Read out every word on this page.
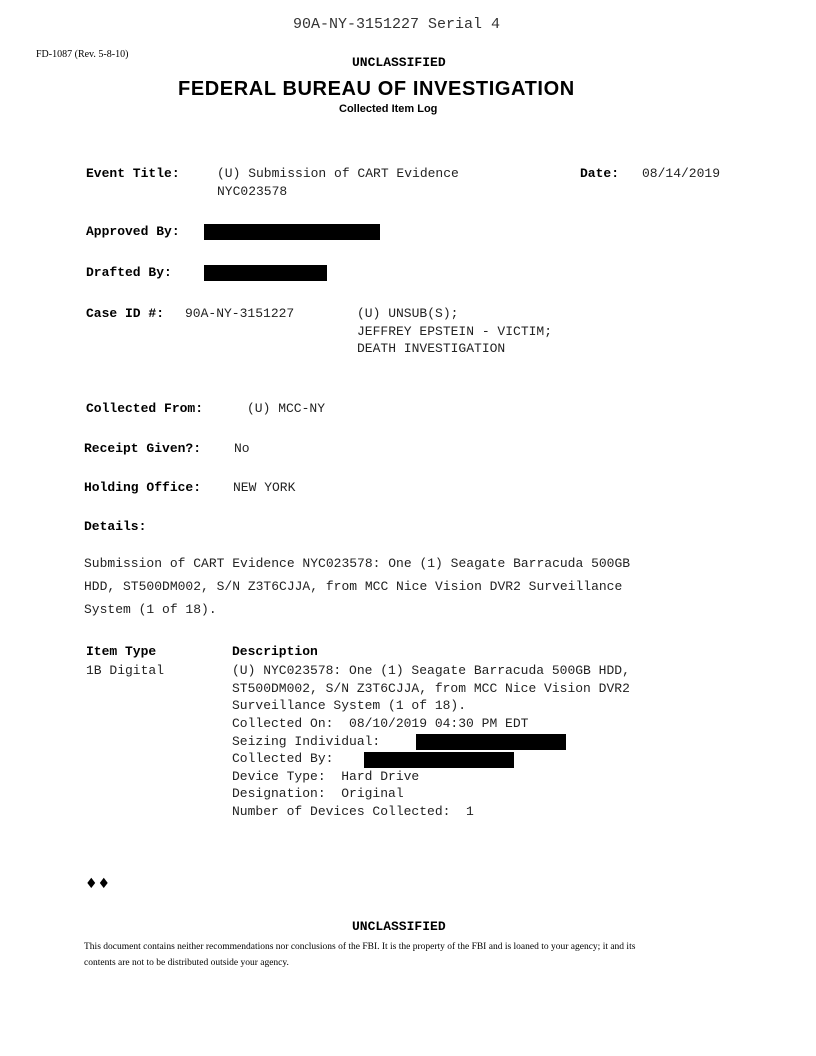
90A-NY-3151227 Serial 4
FD-1087 (Rev. 5-8-10)
UNCLASSIFIED
FEDERAL BUREAU OF INVESTIGATION
Collected Item Log
Event Title:	(U) Submission of CART Evidence
NYC023578
Date: 08/14/2019
Approved By:
Drafted By:
Case ID #: 90A-NY-3151227	(U) UNSUB(S);
JEFFREY EPSTEIN - VICTIM;
DEATH INVESTIGATION
Collected From:	(U) MCC-NY
Receipt Given?:	No
Holding Office: NEW YORK
Details:
Submission of CART Evidence NYC023578: One (1) Seagate Barracuda 500GB
HDD, ST500DM002, S/N Z3T6CJJA, from MCC Nice Vision DVR2 Surveillance
System (1 of 18).
Item Type	Description
1B Digital	(U) NYC023578: One (1) Seagate Barracuda 500GB HDD,
ST500DM002, S/N Z3T6CJJA, from MCC Nice Vision DVR2
Surveillance System (1 of 18).
Collected On:  08/10/2019 04:30 PM EDT
Seizing Individual:
Collected By:
Device Type:  Hard Drive
Designation:  Original
Number of Devices Collected:  1
♦♦
UNCLASSIFIED
This document contains neither recommendations nor conclusions of the FBI. It is the property of the FBI and is loaned to your agency; it and its
contents are not to be distributed outside your agency.
